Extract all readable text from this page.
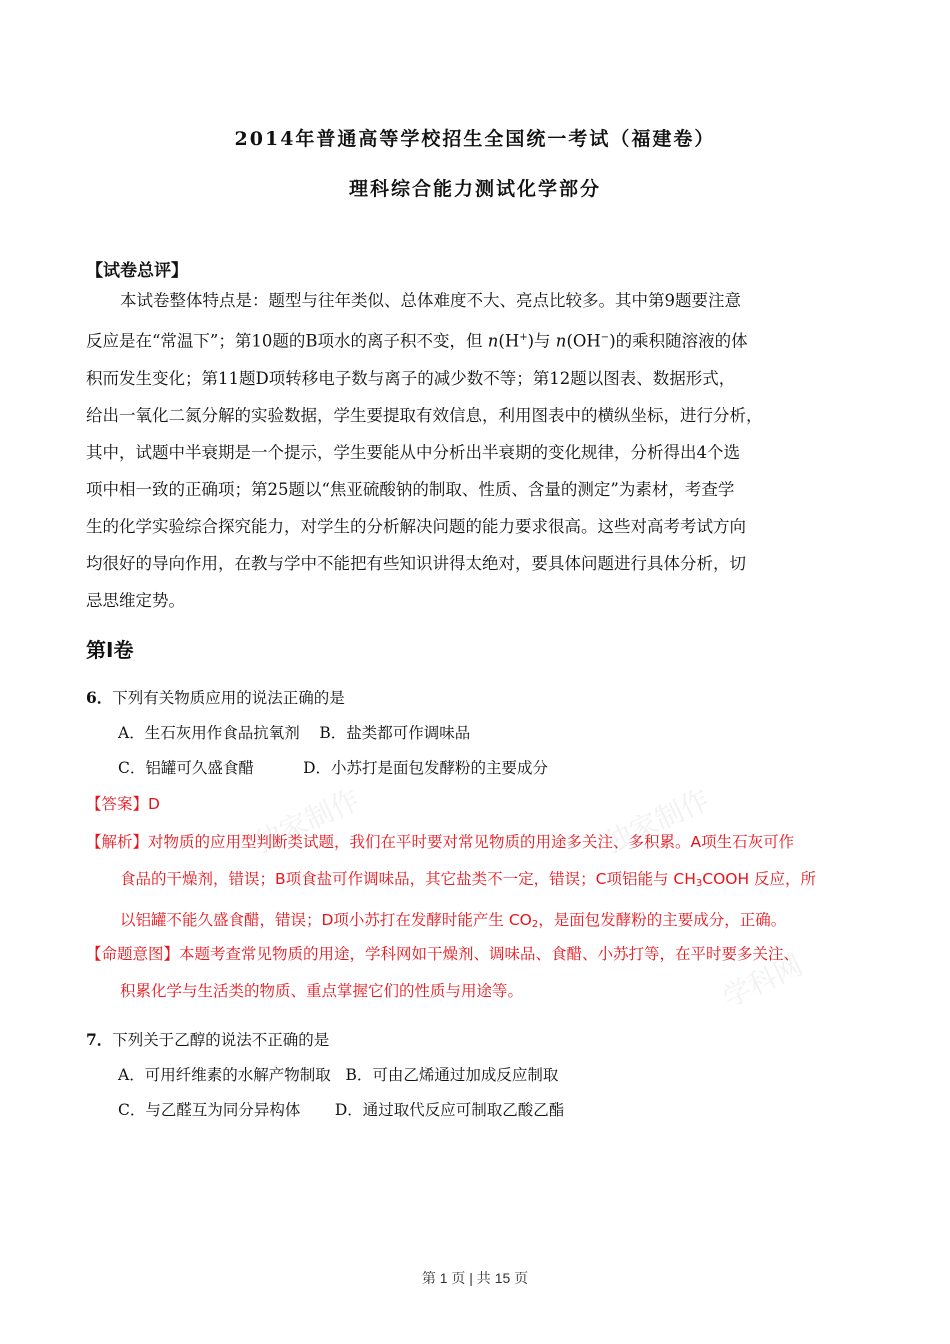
独家制作
独家制作
学科网
2014年普通高等学校招生全国统一考试（福建卷）
理科综合能力测试化学部分
【试卷总评】

本试卷整体特点是：题型与往年类似、总体难度不大、亮点比较多。其中第9题要注意

反应是在“常温下”；第10题的B项水的离子积不变，但 n(H+)与 n(OH−)的乘积随溶液的体

积而发生变化；第11题D项转移电子数与离子的减少数不等；第12题以图表、数据形式，

给出一氧化二氮分解的实验数据，学生要提取有效信息，利用图表中的横纵坐标，进行分析，

其中，试题中半衰期是一个提示，学生要能从中分析出半衰期的变化规律，分析得出4个选

项中相一致的正确项；第25题以“焦亚硫酸钠的制取、性质、含量的测定”为素材，考查学

生的化学实验综合探究能力，对学生的分析解决问题的能力要求很高。这些对高考考试方向

均很好的导向作用，在教与学中不能把有些知识讲得太绝对，要具体问题进行具体分析，切

忌思维定势。

第I卷
6．下列有关物质应用的说法正确的是
A．生石灰用作食品抗氧剂    B．盐类都可作调味品
C．铝罐可久盛食醋          D．小苏打是面包发酵粉的主要成分
【答案】D

【解析】对物质的应用型判断类试题，我们在平时要对常见物质的用途多关注、多积累。A项生石灰可作

食品的干燥剂，错误；B项食盐可作调味品，其它盐类不一定，错误；C项铝能与 $CH_3COOH$ 反应，所

以铝罐不能久盛食醋，错误；D项小苏打在发酵时能产生 $CO_2$，是面包发酵粉的主要成分，正确。

【命题意图】本题考查常见物质的用途，学科网如干燥剂、调味品、食醋、小苏打等，在平时要多关注、

积累化学与生活类的物质、重点掌握它们的性质与用途等。

7．下列关于乙醇的说法不正确的是
A．可用纤维素的水解产物制取   B．可由乙烯通过加成反应制取
C．与乙醛互为同分异构体       D．通过取代反应可制取乙酸乙酯
第 1 页 | 共 15 页
